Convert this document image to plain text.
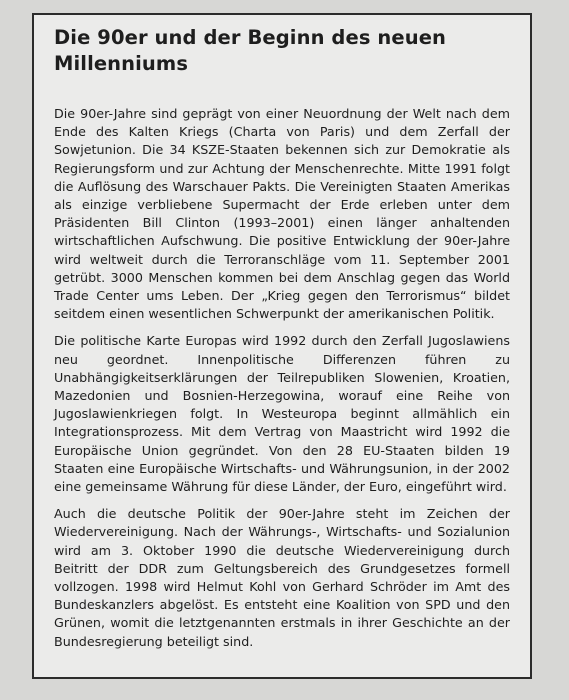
Die 90er und der Beginn des neuen Millenniums

Die 90er-Jahre sind geprägt von einer Neuordnung der Welt nach dem Ende des Kalten Kriegs (Charta von Paris) und dem Zerfall der Sowjetunion. Die 34 KSZE-Staaten bekennen sich zur Demokratie als Regierungsform und zur Achtung der Menschenrechte. Mitte 1991 folgt die Auflösung des Warschauer Pakts. Die Vereinigten Staaten Amerikas als einzige verbliebene Supermacht der Erde erleben unter dem Präsidenten Bill Clinton (1993–2001) einen länger anhaltenden wirtschaftlichen Aufschwung. Die positive Entwicklung der 90er-Jahre wird weltweit durch die Terroranschläge vom 11. September 2001 getrübt. 3000 Menschen kommen bei dem Anschlag gegen das World Trade Center ums Leben. Der „Krieg gegen den Terrorismus“ bildet seitdem einen wesentlichen Schwerpunkt der amerikanischen Politik.

Die politische Karte Europas wird 1992 durch den Zerfall Jugoslawiens neu geordnet. Innenpolitische Differenzen führen zu Unabhängigkeitserklärungen der Teilrepubliken Slowenien, Kroatien, Mazedonien und Bosnien-Herzegowina, worauf eine Reihe von Jugoslawienkriegen folgt. In Westeuropa beginnt allmählich ein Integrationsprozess. Mit dem Vertrag von Maastricht wird 1992 die Europäische Union gegründet. Von den 28 EU-Staaten bilden 19 Staaten eine Europäische Wirtschafts- und Währungsunion, in der 2002 eine gemeinsame Währung für diese Länder, der Euro, eingeführt wird.

Auch die deutsche Politik der 90er-Jahre steht im Zeichen der Wiedervereinigung. Nach der Währungs-, Wirtschafts- und Sozialunion wird am 3. Oktober 1990 die deutsche Wiedervereinigung durch Beitritt der DDR zum Geltungsbereich des Grundgesetzes formell vollzogen. 1998 wird Helmut Kohl von Gerhard Schröder im Amt des Bundeskanzlers abgelöst. Es entsteht eine Koalition von SPD und den Grünen, womit die letztgenannten erstmals in ihrer Geschichte an der Bundesregierung beteiligt sind.
